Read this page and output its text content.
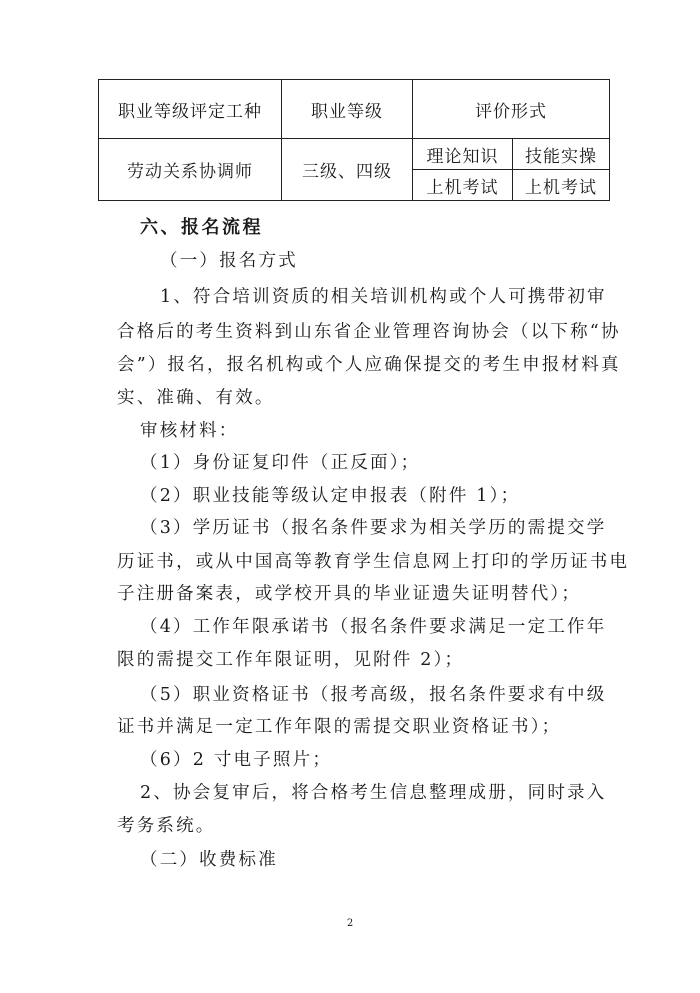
职业等级评定工种	职业等级	评价形式	
劳动关系协调师	三级、四级	理论知识	技能实操
		上机考试	上机考试
六、报名流程
（一）报名方式
1、符合培训资质的相关培训机构或个人可携带初审
合格后的考生资料到山东省企业管理咨询协会（以下称“协
会”）报名，报名机构或个人应确保提交的考生申报材料真
实、准确、有效。
审核材料：
（1）身份证复印件（正反面）；
（2）职业技能等级认定申报表（附件 1）；
（3）学历证书（报名条件要求为相关学历的需提交学
历证书，或从中国高等教育学生信息网上打印的学历证书电
子注册备案表，或学校开具的毕业证遗失证明替代）；
（4）工作年限承诺书（报名条件要求满足一定工作年
限的需提交工作年限证明，见附件 2）；
（5）职业资格证书（报考高级，报名条件要求有中级
证书并满足一定工作年限的需提交职业资格证书）；
（6）2 寸电子照片；
2、协会复审后，将合格考生信息整理成册，同时录入
考务系统。
（二）收费标准
2
